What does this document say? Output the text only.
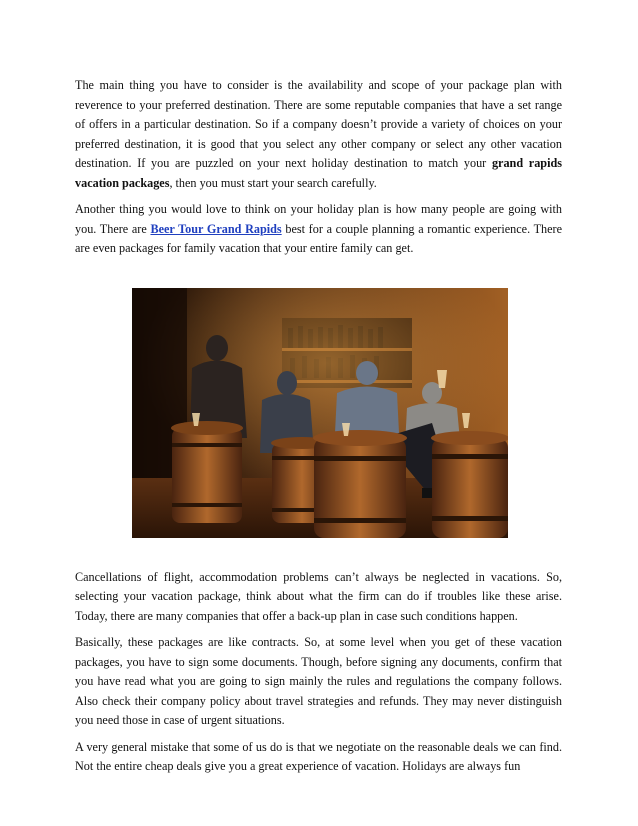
The main thing you have to consider is the availability and scope of your package plan with reverence to your preferred destination. There are some reputable companies that have a set range of offers in a particular destination. So if a company doesn’t provide a variety of choices on your preferred destination, it is good that you select any other company or select any other vacation destination. If you are puzzled on your next holiday destination to match your grand rapids vacation packages, then you must start your search carefully.

Another thing you would love to think on your holiday plan is how many people are going with you. There are Beer Tour Grand Rapids best for a couple planning a romantic experience. There are even packages for family vacation that your entire family can get.

Cancellations of flight, accommodation problems can’t always be neglected in vacations. So, selecting your vacation package, think about what the firm can do if troubles like these arise. Today, there are many companies that offer a back-up plan in case such conditions happen.

Basically, these packages are like contracts. So, at some level when you get of these vacation packages, you have to sign some documents. Though, before signing any documents, confirm that you have read what you are going to sign mainly the rules and regulations the company follows. Also check their company policy about travel strategies and refunds. They may never distinguish you need those in case of urgent situations.

A very general mistake that some of us do is that we negotiate on the reasonable deals we can find. Not the entire cheap deals give you a great experience of vacation. Holidays are always fun
